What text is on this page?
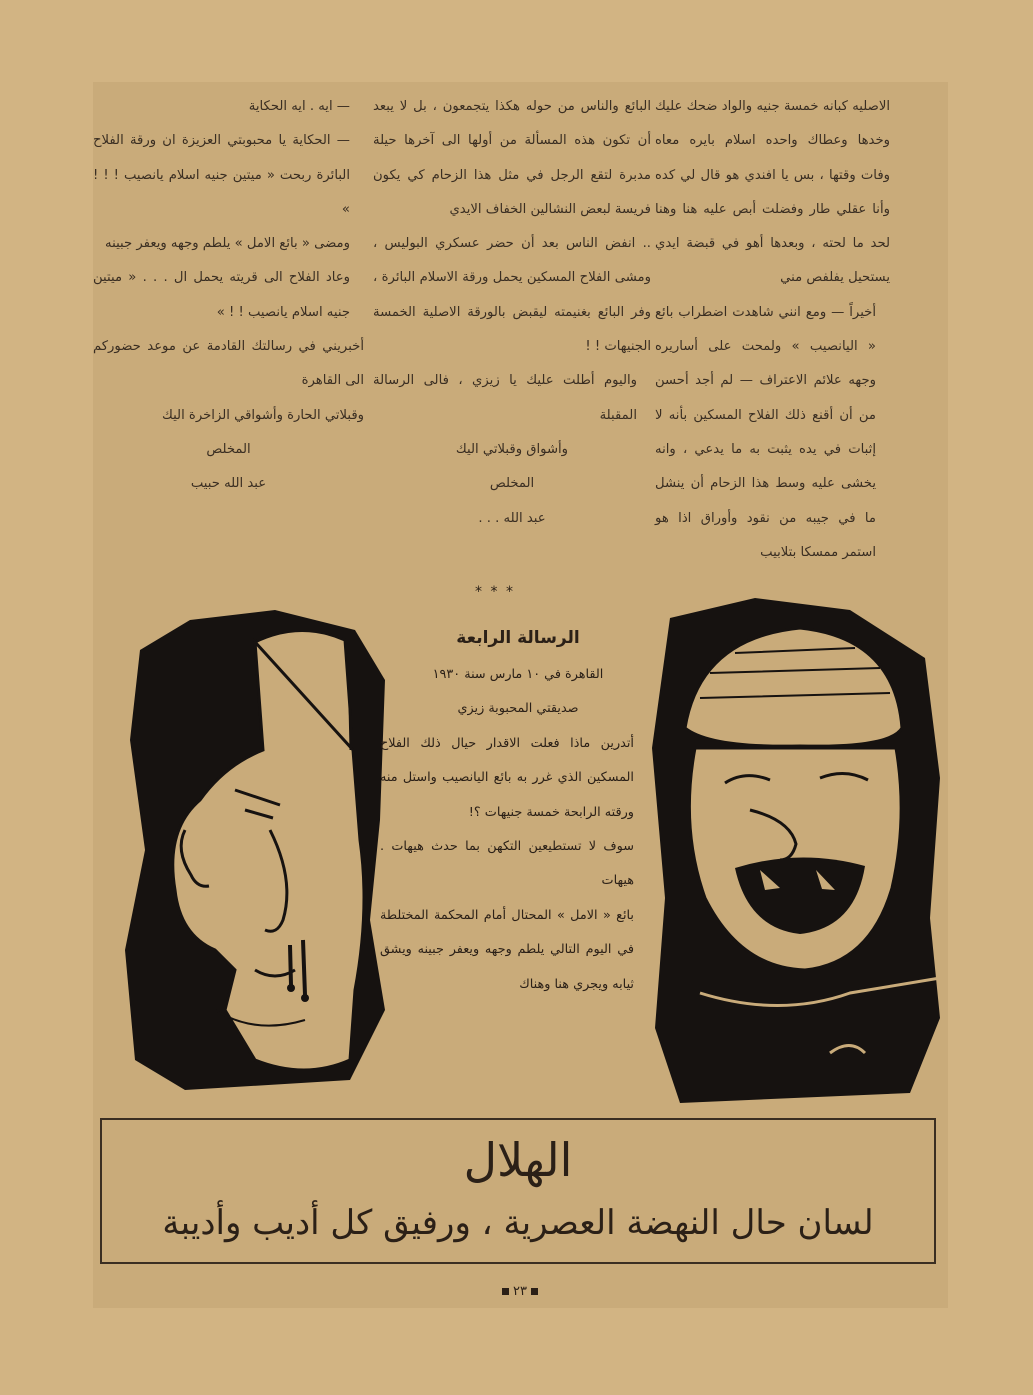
الاصليه كبانه خمسة جنيه والواد ضحك عليك وخدها وعطاك واحده اسلام بايره معاه وفات وقتها ، بس يا افندي هو قال لي كده وأنا عقلي طار وفضلت أبص عليه هنا وهنا لحد ما لحته ، وبعدها أهو في قبضة ايدي يستحيل يفلفص مني

أخيراً — ومع انني شاهدت اضطراب بائع « اليانصيب » ولمحت على أساريره وجهه علائم الاعتراف — لم أجد أحسن من أن أقنع ذلك الفلاح المسكين بأنه لا إثبات في يده يثبت به ما يدعي ، وانه يخشى عليه وسط هذا الزحام أن ينشل ما في جيبه من نقود وأوراق اذا هو استمر ممسكا بتلابيب

البائع والناس من حوله هكذا يتجمعون ، بل لا يبعد أن تكون هذه المسألة من أولها الى آخرها حيلة مدبرة لتقع الرجل في مثل هذا الزحام كي يكون فريسة لبعض النشالين الخفاف الايدي

.. انفض الناس بعد أن حضر عسكري البوليس ، ومشى الفلاح المسكين يحمل ورقة الاسلام البائرة ، وفر البائع بغنيمته ليقبض بالورقة الاصلية الخمسة الجنيهات ! !

واليوم أطلت عليك يا زيزي ، فالى الرسالة المقبلة

وأشواق وقبلاتي اليك

المخلص

عبد الله . . .

— ايه . ايه الحكاية

— الحكاية يا محبوبتي العزيزة ان ورقة الفلاح البائرة ربحت « ميتين جنيه اسلام يانصيب ! ! ! »

ومضى « بائع الامل » يلطم وجهه ويعفر جبينه

وعاد الفلاح الى قريته يحمل ال . . . « ميتين جنيه اسلام يانصيب ! ! »

أخبريني في رسالتك القادمة عن موعد حضوركم الى القاهرة

وقبلاتي الحارة وأشواقي الزاخرة اليك

المخلص

عبد الله حبيب

* * *

الرسالة الرابعة

القاهرة في ١٠ مارس سنة ١٩٣٠

صديقتي المحبوبة زيزي

أتدرين ماذا فعلت الاقدار حيال ذلك الفلاح المسكين الذي غرر به بائع اليانصيب واستل منه ورقته الرابحة خمسة جنيهات ؟!

سوف لا تستطيعين التكهن بما حدث هيهات . هيهات

بائع « الامل » المحتال أمام المحكمة المختلطة في اليوم التالي يلطم وجهه ويعفر جبينه ويشق ثيابه ويجري هنا وهناك

الهلال
لسان حال النهضة العصرية ، ورفيق كل أديب وأديبة
٢٣
